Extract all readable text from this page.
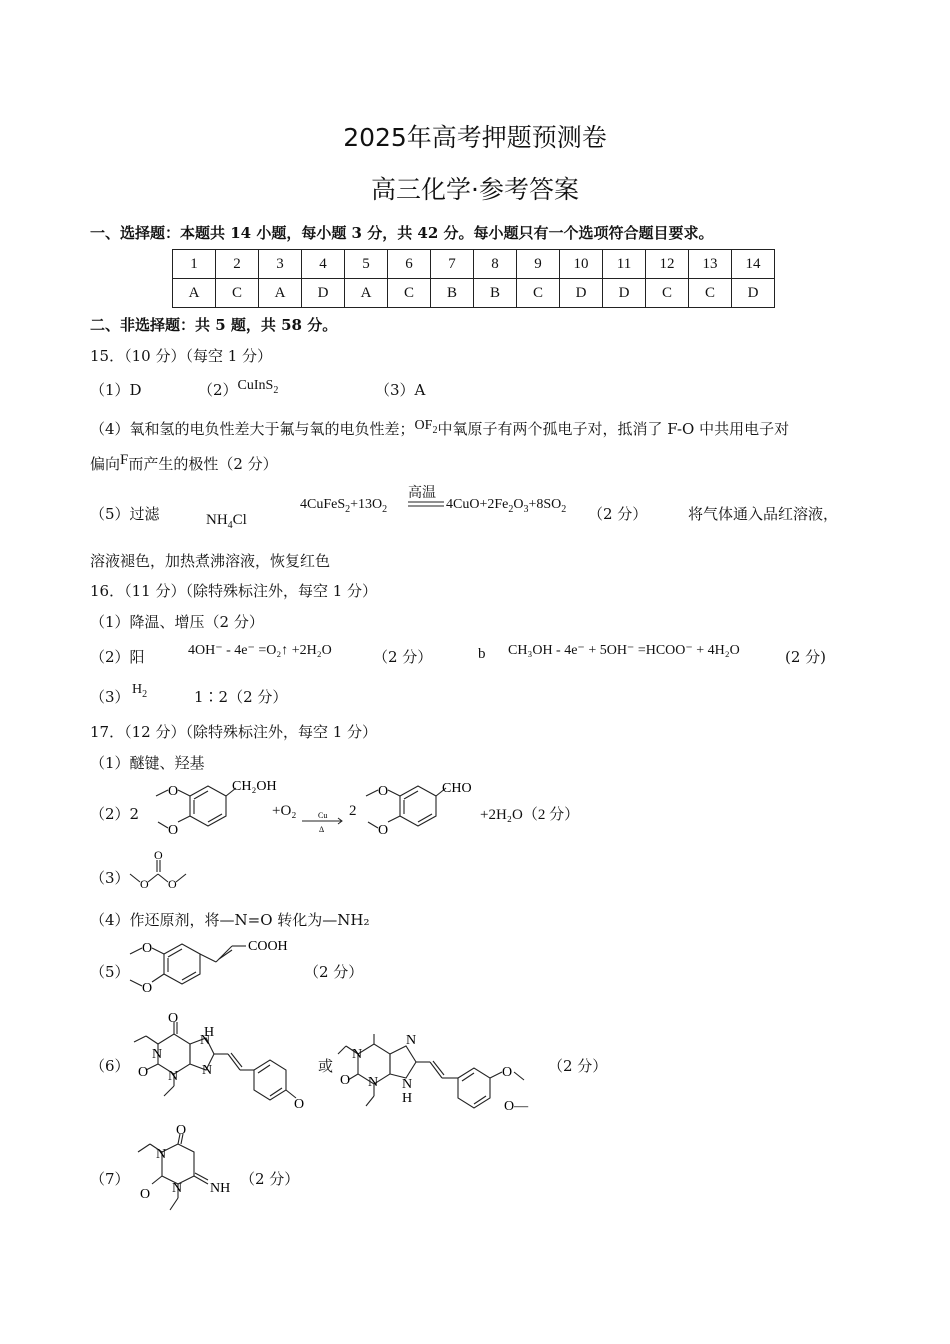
2025年高考押题预测卷
高三化学·参考答案
一、选择题：本题共 14 小题，每小题 3 分，共 42 分。每小题只有一个选项符合题目要求。
1	2	3	4	5	6	7	8	9	10	11	12	13	14
A	C	A	D	A	C	B	B	C	D	D	C	C	D
二、非选择题：共 5 题，共 58 分。
15．（10 分）（每空 1 分）
（1）D	（2）CuInS$_2$	（3）A
（4）氧和氢的电负性差大于氟与氧的电负性差；$OF_2$中氧原子有两个孤电子对，抵消了 F-O 中共用电子对
偏向F而产生的极性（2 分）
（5）过滤	$NH_4Cl$
高温
$4CuFeS_2+13O_2$	$4CuO+2Fe_2O_3+8SO_2$ （2 分）	将气体通入品红溶液，
溶液褪色，加热煮沸溶液，恢复红色
16．（11 分）（除特殊标注外，每空 1 分）
（1）降温、增压（2 分）
（2）阳	4OH⁻ - 4e⁻ =O₂↑ +2H₂O	（2 分）	b CH₃OH - 4e⁻ + 5OH⁻ =HCOO⁻ + 4H₂O	(2 分)
（3） $H_2$	1∶2（2 分）
17．（12 分）（除特殊标注外，每空 1 分）
（1）醚键、羟基
（2）2
O
O
CH₂OH
+O₂	Cu
Δ
2
O
O
CHO
+2H₂O（2 分）
（3） O O
O
（4）作还原剂，将—N=O 转化为—NH₂
（5）
O
O
COOH
（2 分）
（6）
O
H
N
N
O N N
O
或
N
N
O N N
H
O
O—
（2 分）
（7）
O
N
O N NH
（2 分）
